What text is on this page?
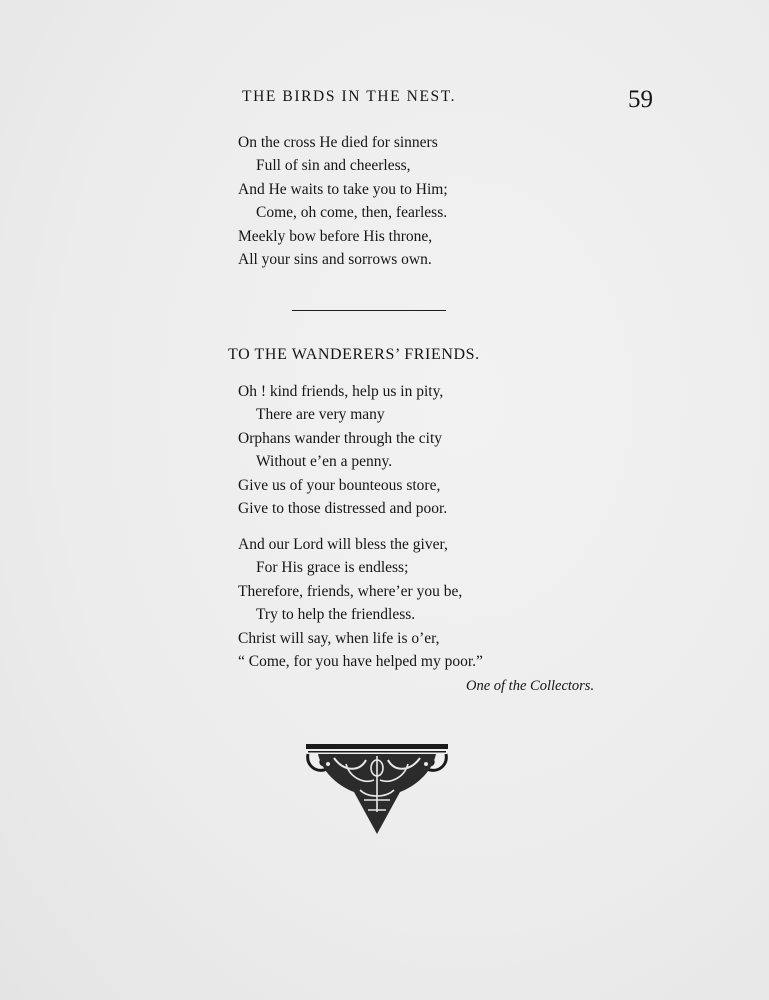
THE BIRDS IN THE NEST.	59
On the cross He died for sinners
Full of sin and cheerless,
And He waits to take you to Him;
Come, oh come, then, fearless.
Meekly bow before His throne,
All your sins and sorrows own.
TO THE WANDERERS’ FRIENDS.
Oh ! kind friends, help us in pity,
There are very many
Orphans wander through the city
Without e’en a penny.
Give us of your bounteous store,
Give to those distressed and poor.
And our Lord will bless the giver,
For His grace is endless;
Therefore, friends, where’er you be,
Try to help the friendless.
Christ will say, when life is o’er,
“ Come, for you have helped my poor.”
One of the Collectors.
